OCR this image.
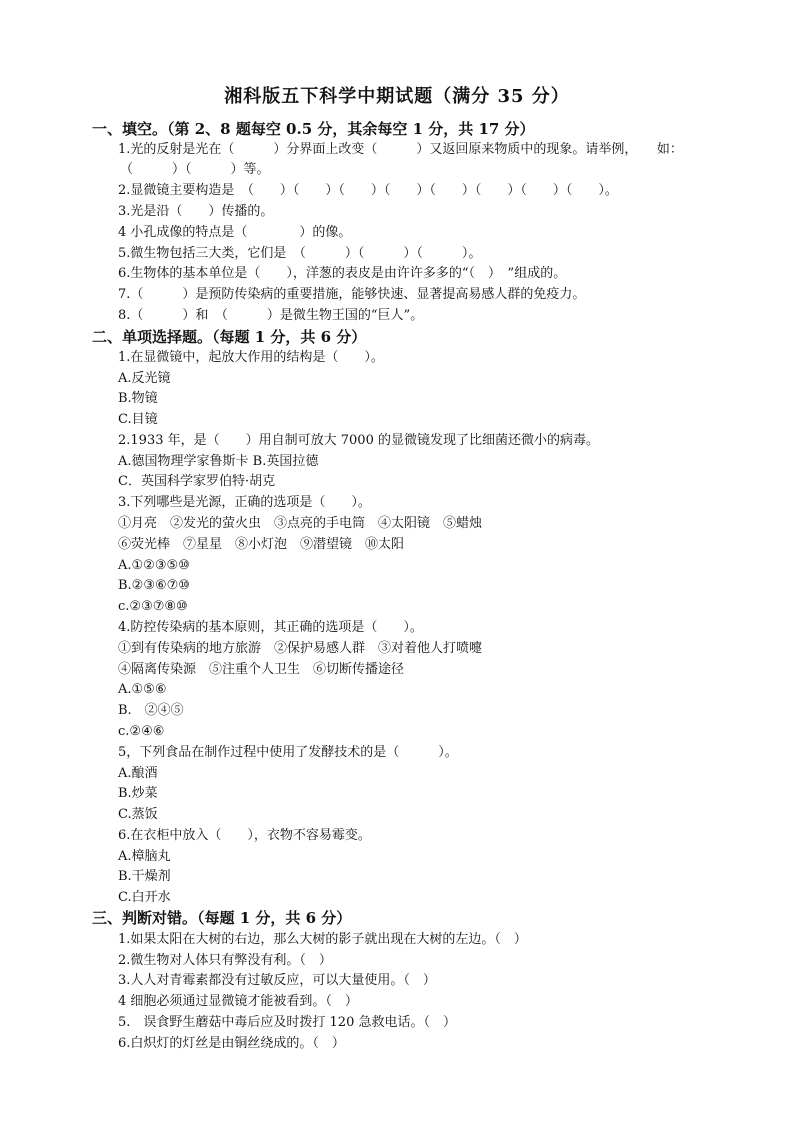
湘科版五下科学中期试题（满分 35 分）
一、填空。（第 2、8 题每空 0.5 分，其余每空 1 分，共 17 分）
1.光的反射是光在（　　　）分界面上改变（　　　）又返回原来物质中的现象。请举例，　　如：
（　　　）（　　　）等。
2.显微镜主要构造是　（　　）（　　）（　　）（　　）（　　）（　　）（　　）（　　）。
3.光是沿（　　）传播的。
4 小孔成像的特点是（　　　　）的像。
5.微生物包括三大类，它们是　（　　　）（　　　）（　　　）。
6.生物体的基本单位是（　　），洋葱的表皮是由许许多多的“（　）　”组成的。
7.（　　　）是预防传染病的重要措施，能够快速、显著提高易感人群的免疫力。
8.（　　　）和　（　　　）是微生物王国的“巨人”。
二、单项选择题。（每题 1 分，共 6 分）
1.在显微镜中，起放大作用的结构是（　　）。
A.反光镜
B.物镜
C.目镜
2.1933 年，是（　　）用自制可放大 7000 的显微镜发现了比细菌还微小的病毒。
A.德国物理学家鲁斯卡 B.英国拉德
C．英国科学家罗伯特·胡克
3.下列哪些是光源，正确的选项是（　　）。
①月亮　②发光的萤火虫　③点亮的手电筒　④太阳镜　⑤蜡烛
⑥荧光棒　⑦星星　⑧小灯泡　⑨潜望镜　⑩太阳
A.①②③⑤⑩
B.②③⑥⑦⑩
c.②③⑦⑧⑩
4.防控传染病的基本原则，其正确的选项是（　　）。
①到有传染病的地方旅游　②保护易感人群　③对着他人打喷嚏
④隔离传染源　⑤注重个人卫生　⑥切断传播途径
A.①⑤⑥
B.　②④⑤
c.②④⑥
5，下列食品在制作过程中使用了发酵技术的是（　　　）。
A.酿酒
B.炒菜
C.蒸饭
6.在衣柜中放入（　　），衣物不容易霉变。
A.樟脑丸
B.干燥剂
C.白开水
三、判断对错。（每题 1 分，共 6 分）
1.如果太阳在大树的右边，那么大树的影子就出现在大树的左边。（　）
2.微生物对人体只有弊没有利。（　）
3.人人对青霉素都没有过敏反应，可以大量使用。（　）
4 细胞必须通过显微镜才能被看到。（　）
5.　误食野生蘑菇中毒后应及时拨打 120 急救电话。（　）
6.白炽灯的灯丝是由铜丝绕成的。（　）
